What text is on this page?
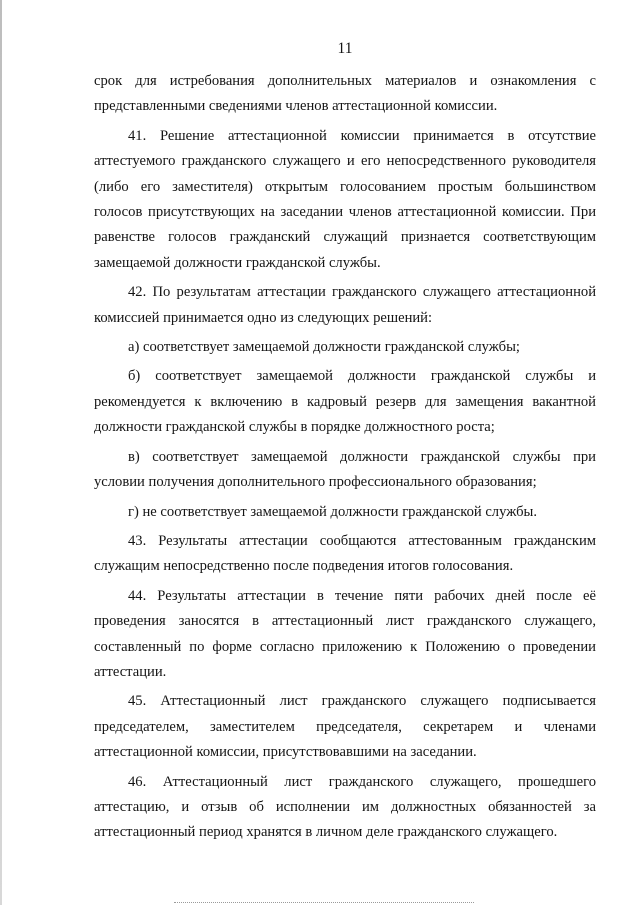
11

срок для истребования дополнительных материалов и ознакомления с представленными сведениями членов аттестационной комиссии.

41. Решение аттестационной комиссии принимается в отсутствие аттестуемого гражданского служащего и его непосредственного руководителя (либо его заместителя) открытым голосованием простым большинством голосов присутствующих на заседании членов аттестационной комиссии. При равенстве голосов гражданский служащий признается соответствующим замещаемой должности гражданской службы.

42. По результатам аттестации гражданского служащего аттестационной комиссией принимается одно из следующих решений:

а) соответствует замещаемой должности гражданской службы;

б) соответствует замещаемой должности гражданской службы и рекомендуется к включению в кадровый резерв для замещения вакантной должности гражданской службы в порядке должностного роста;

в) соответствует замещаемой должности гражданской службы при условии получения дополнительного профессионального образования;

г) не соответствует замещаемой должности гражданской службы.

43. Результаты аттестации сообщаются аттестованным гражданским служащим непосредственно после подведения итогов голосования.

44. Результаты аттестации в течение пяти рабочих дней после её проведения заносятся в аттестационный лист гражданского служащего, составленный по форме согласно приложению к Положению о проведении аттестации.

45. Аттестационный лист гражданского служащего подписывается председателем, заместителем председателя, секретарем и членами аттестационной комиссии, присутствовавшими на заседании.

46. Аттестационный лист гражданского служащего, прошедшего аттестацию, и отзыв об исполнении им должностных обязанностей за аттестационный период хранятся в личном деле гражданского служащего.
